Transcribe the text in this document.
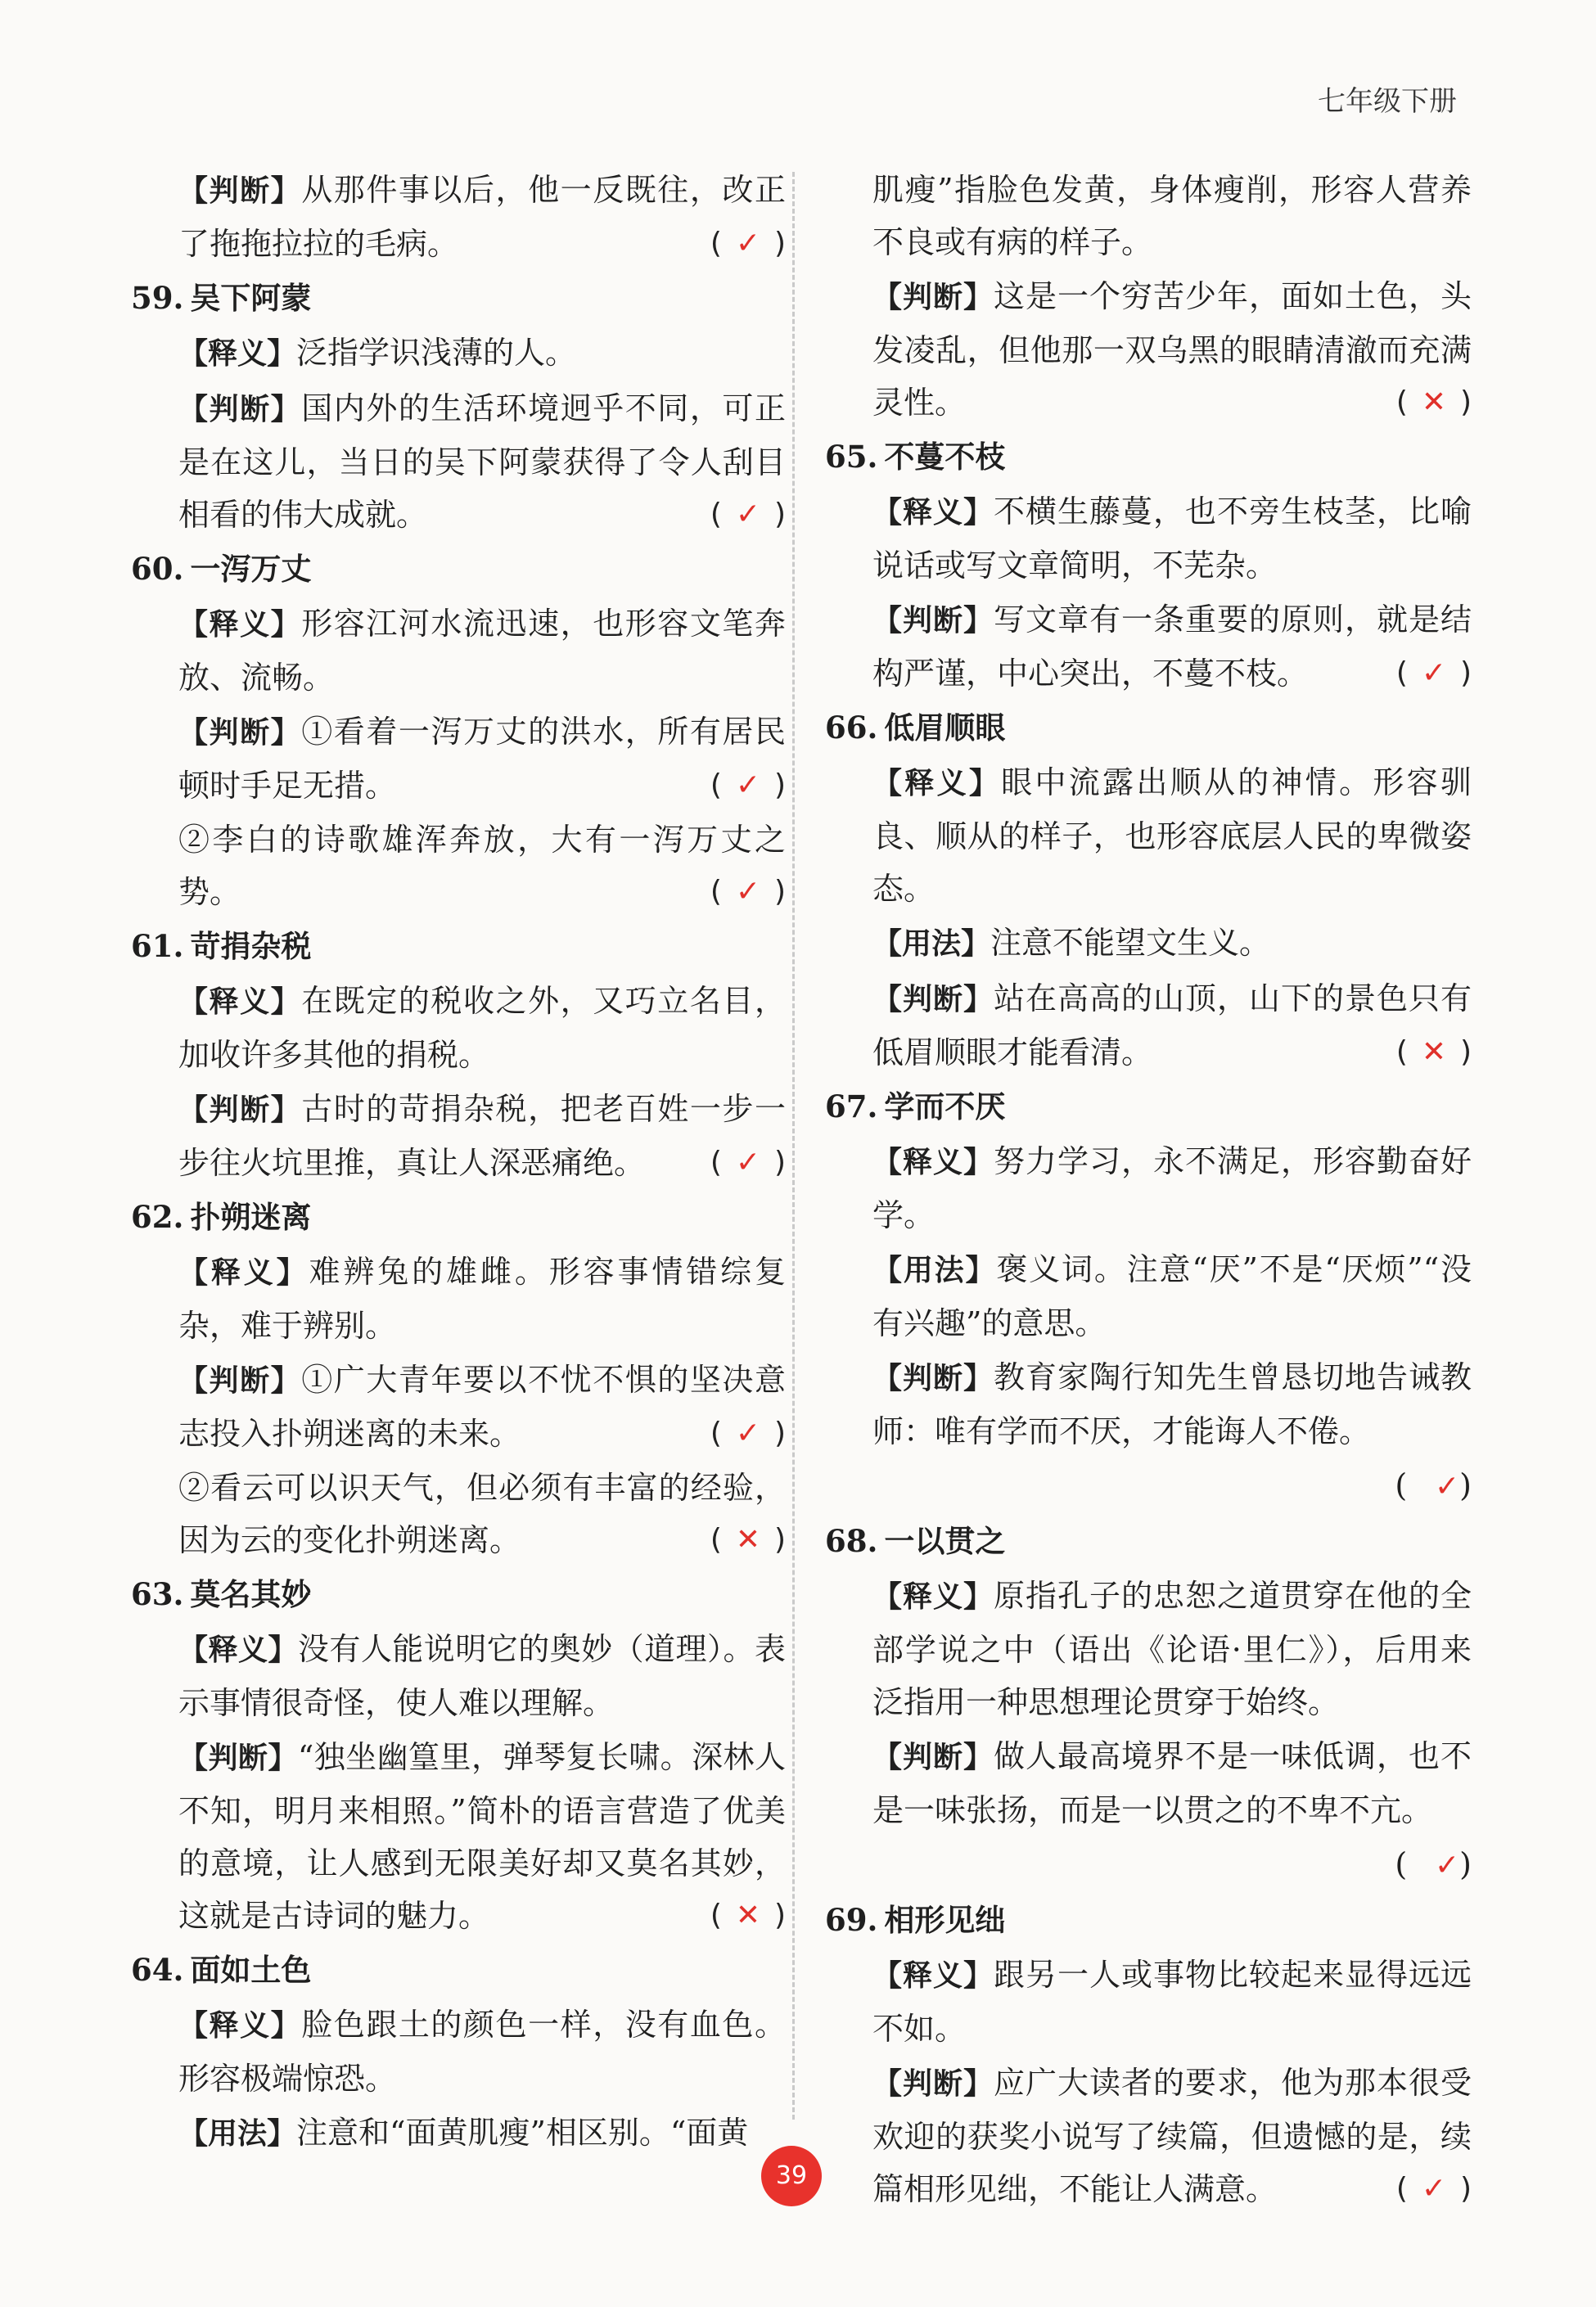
七年级下册

【判断】从那件事以后，他一反既往，改正了拖拖拉拉的毛病。	( ✓ )

59. 吴下阿蒙

【释义】泛指学识浅薄的人。

【判断】国内外的生活环境迥乎不同，可正是在这儿，当日的吴下阿蒙获得了令人刮目相看的伟大成就。	( ✓ )

60. 一泻万丈

【释义】形容江河水流迅速，也形容文笔奔放、流畅。

【判断】①看着一泻万丈的洪水，所有居民顿时手足无措。	( ✓ )

②李白的诗歌雄浑奔放，大有一泻万丈之势。	( ✓ )

61. 苛捐杂税

【释义】在既定的税收之外，又巧立名目，加收许多其他的捐税。

【判断】古时的苛捐杂税，把老百姓一步一步往火坑里推，真让人深恶痛绝。 ( ✓ )

62. 扑朔迷离

【释义】难辨兔的雄雌。形容事情错综复杂，难于辨别。

【判断】①广大青年要以不忧不惧的坚决意志投入扑朔迷离的未来。	( ✓ )

②看云可以识天气，但必须有丰富的经验，因为云的变化扑朔迷离。	( ✕ )

63. 莫名其妙

【释义】没有人能说明它的奥妙（道理）。表示事情很奇怪，使人难以理解。

【判断】“独坐幽篁里，弹琴复长啸。深林人不知，明月来相照。”简朴的语言营造了优美的意境，让人感到无限美好却又莫名其妙，这就是古诗词的魅力。	( ✕ )

64. 面如土色

【释义】脸色跟土的颜色一样，没有血色。形容极端惊恐。

【用法】注意和“面黄肌瘦”相区别。“面黄

肌瘦”指脸色发黄，身体瘦削，形容人营养不良或有病的样子。

【判断】这是一个穷苦少年，面如土色，头发凌乱，但他那一双乌黑的眼睛清澈而充满灵性。	( ✕ )

65. 不蔓不枝

【释义】不横生藤蔓，也不旁生枝茎，比喻说话或写文章简明，不芜杂。

【判断】写文章有一条重要的原则，就是结构严谨，中心突出，不蔓不枝。	( ✓ )

66. 低眉顺眼

【释义】眼中流露出顺从的神情。形容驯良、顺从的样子，也形容底层人民的卑微姿态。

【用法】注意不能望文生义。

【判断】站在高高的山顶，山下的景色只有低眉顺眼才能看清。	( ✕ )

67. 学而不厌

【释义】努力学习，永不满足，形容勤奋好学。

【用法】褒义词。注意“厌”不是“厌烦”“没有兴趣”的意思。

【判断】教育家陶行知先生曾恳切地告诫教师：唯有学而不厌，才能诲人不倦。

( ✓)
68. 一以贯之

【释义】原指孔子的忠恕之道贯穿在他的全部学说之中（语出《论语·里仁》），后用来泛指用一种思想理论贯穿于始终。

【判断】做人最高境界不是一味低调，也不是一味张扬，而是一以贯之的不卑不亢。

( ✓)
69. 相形见绌

【释义】跟另一人或事物比较起来显得远远不如。

【判断】应广大读者的要求，他为那本很受欢迎的获奖小说写了续篇，但遗憾的是，续篇相形见绌，不能让人满意。	( ✓ )

39
